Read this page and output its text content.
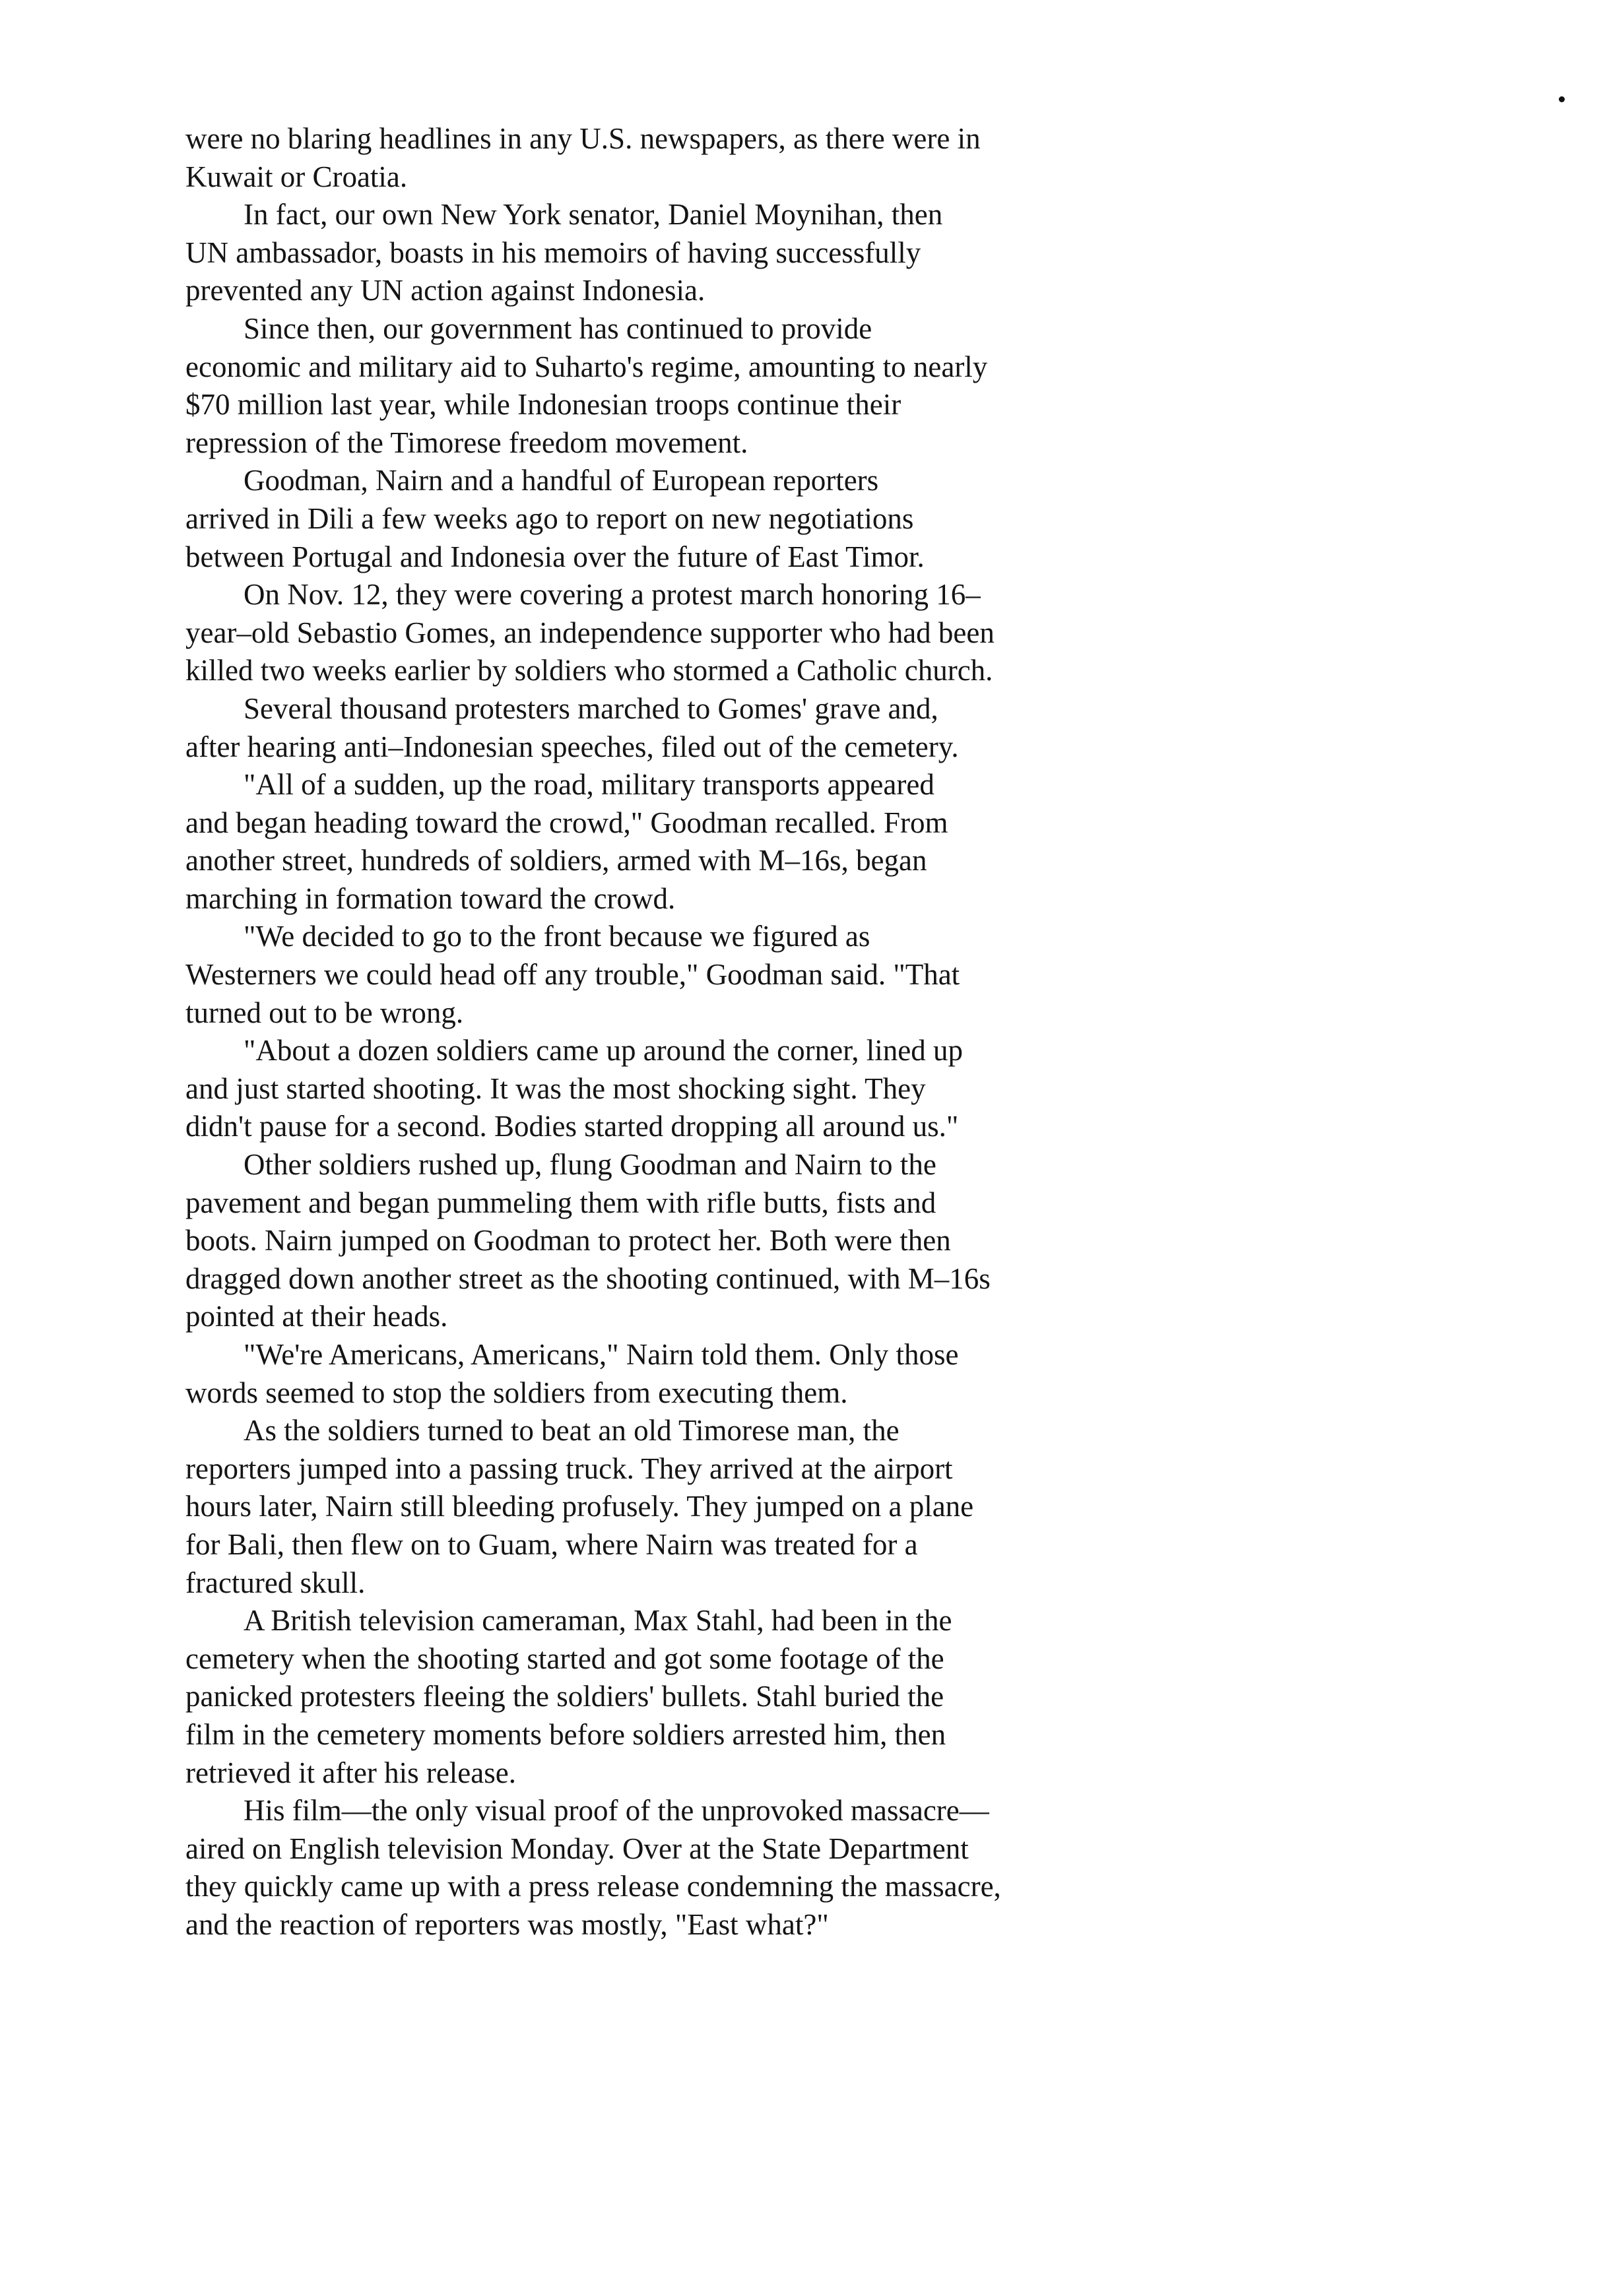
were no blaring headlines in any U.S. newspapers, as there were in
Kuwait or Croatia.

In fact, our own New York senator, Daniel Moynihan, then
UN ambassador, boasts in his memoirs of having successfully
prevented any UN action against Indonesia.

Since then, our government has continued to provide
economic and military aid to Suharto's regime, amounting to nearly
$70 million last year, while Indonesian troops continue their
repression of the Timorese freedom movement.

Goodman, Nairn and a handful of European reporters
arrived in Dili a few weeks ago to report on new negotiations
between Portugal and Indonesia over the future of East Timor.

On Nov. 12, they were covering a protest march honoring 16–
year–old Sebastio Gomes, an independence supporter who had been
killed two weeks earlier by soldiers who stormed a Catholic church.

Several thousand protesters marched to Gomes' grave and,
after hearing anti–Indonesian speeches, filed out of the cemetery.

"All of a sudden, up the road, military transports appeared
and began heading toward the crowd," Goodman recalled. From
another street, hundreds of soldiers, armed with M–16s, began
marching in formation toward the crowd.

"We decided to go to the front because we figured as
Westerners we could head off any trouble," Goodman said. "That
turned out to be wrong.

"About a dozen soldiers came up around the corner, lined up
and just started shooting. It was the most shocking sight. They
didn't pause for a second. Bodies started dropping all around us."

Other soldiers rushed up, flung Goodman and Nairn to the
pavement and began pummeling them with rifle butts, fists and
boots. Nairn jumped on Goodman to protect her. Both were then
dragged down another street as the shooting continued, with M–16s
pointed at their heads.

"We're Americans, Americans," Nairn told them. Only those
words seemed to stop the soldiers from executing them.

As the soldiers turned to beat an old Timorese man, the
reporters jumped into a passing truck. They arrived at the airport
hours later, Nairn still bleeding profusely. They jumped on a plane
for Bali, then flew on to Guam, where Nairn was treated for a
fractured skull.

A British television cameraman, Max Stahl, had been in the
cemetery when the shooting started and got some footage of the
panicked protesters fleeing the soldiers' bullets. Stahl buried the
film in the cemetery moments before soldiers arrested him, then
retrieved it after his release.

His film––the only visual proof of the unprovoked massacre––
aired on English television Monday. Over at the State Department
they quickly came up with a press release condemning the massacre,
and the reaction of reporters was mostly, "East what?"
